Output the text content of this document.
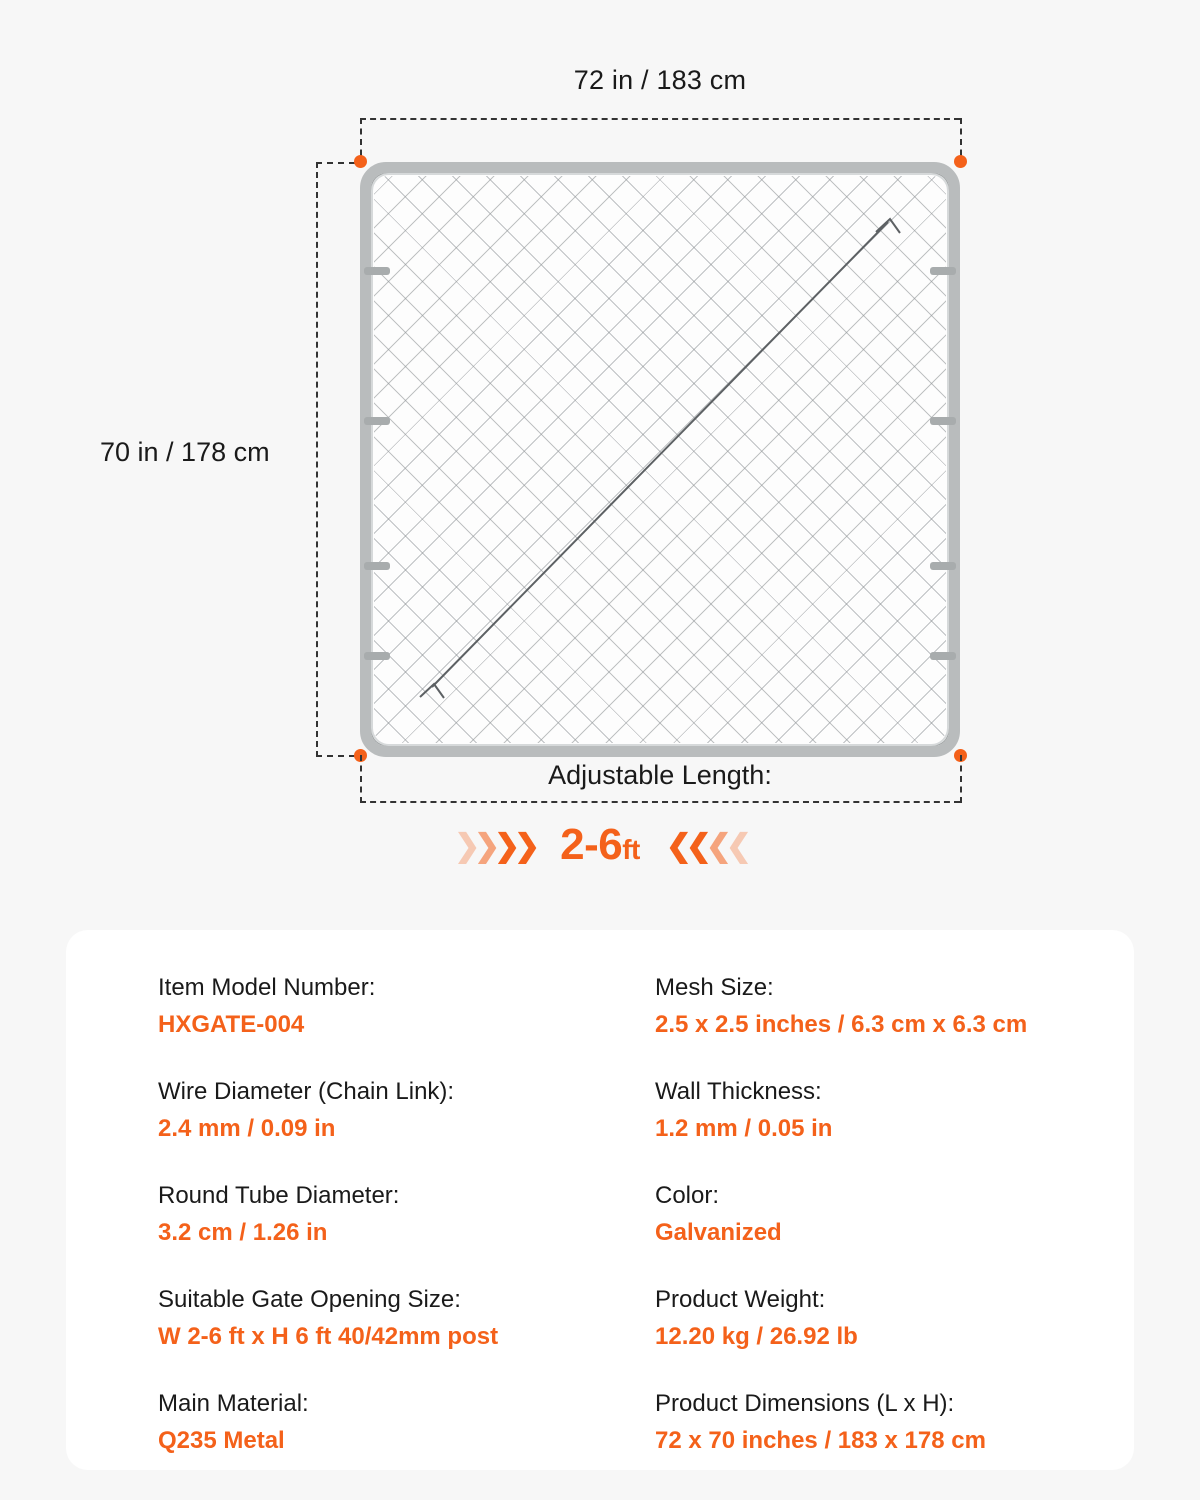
72 in / 183 cm
70 in / 178 cm
Adjustable Length:
❯ ❯ ❯ ❯ 2-6ft ❮ ❮ ❮ ❮
Item Model Number:
HXGATE-004
Mesh Size:
2.5 x 2.5 inches / 6.3 cm x 6.3 cm
Wire Diameter (Chain Link):
2.4 mm / 0.09 in
Wall Thickness:
1.2 mm / 0.05 in
Round Tube Diameter:
3.2 cm / 1.26 in
Color:
Galvanized
Suitable Gate Opening Size:
W 2-6 ft x H 6 ft 40/42mm post
Product Weight:
12.20 kg / 26.92 lb
Main Material:
Q235 Metal
Product Dimensions (L x H):
72 x 70 inches / 183 x 178 cm
